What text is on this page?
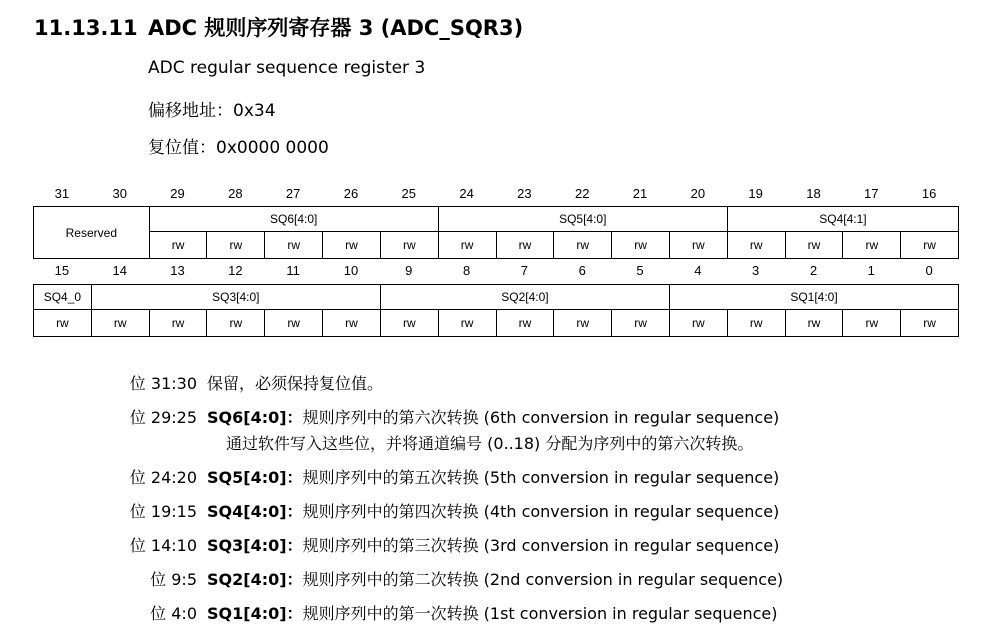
11.13.11 ADC 规则序列寄存器 3 (ADC_SQR3)
ADC regular sequence register 3
偏移地址：0x34
复位值：0x0000 0000
31	30	29	28	27	26	25	24	23	22	21	20	19	18	17	16
Reserved	SQ6[4:0]					SQ5[4:0]					SQ4[4:1]			
	rw	rw	rw	rw	rw	rw	rw	rw	rw	rw	rw	rw	rw	rw
15	14	13	12	11	10	9	8	7	6	5	4	3	2	1	0
SQ4_0	SQ3[4:0]					SQ2[4:0]					SQ1[4:0]				
rw	rw	rw	rw	rw	rw	rw	rw	rw	rw	rw	rw	rw	rw	rw	rw
位 31:30 保留，必须保持复位值。
位 29:25 SQ6[4:0]：规则序列中的第六次转换 (6th conversion in regular sequence)
通过软件写入这些位，并将通道编号 (0..18) 分配为序列中的第六次转换。
位 24:20 SQ5[4:0]：规则序列中的第五次转换 (5th conversion in regular sequence)
位 19:15 SQ4[4:0]：规则序列中的第四次转换 (4th conversion in regular sequence)
位 14:10 SQ3[4:0]：规则序列中的第三次转换 (3rd conversion in regular sequence)
位 9:5 SQ2[4:0]：规则序列中的第二次转换 (2nd conversion in regular sequence)
位 4:0 SQ1[4:0]：规则序列中的第一次转换 (1st conversion in regular sequence)
